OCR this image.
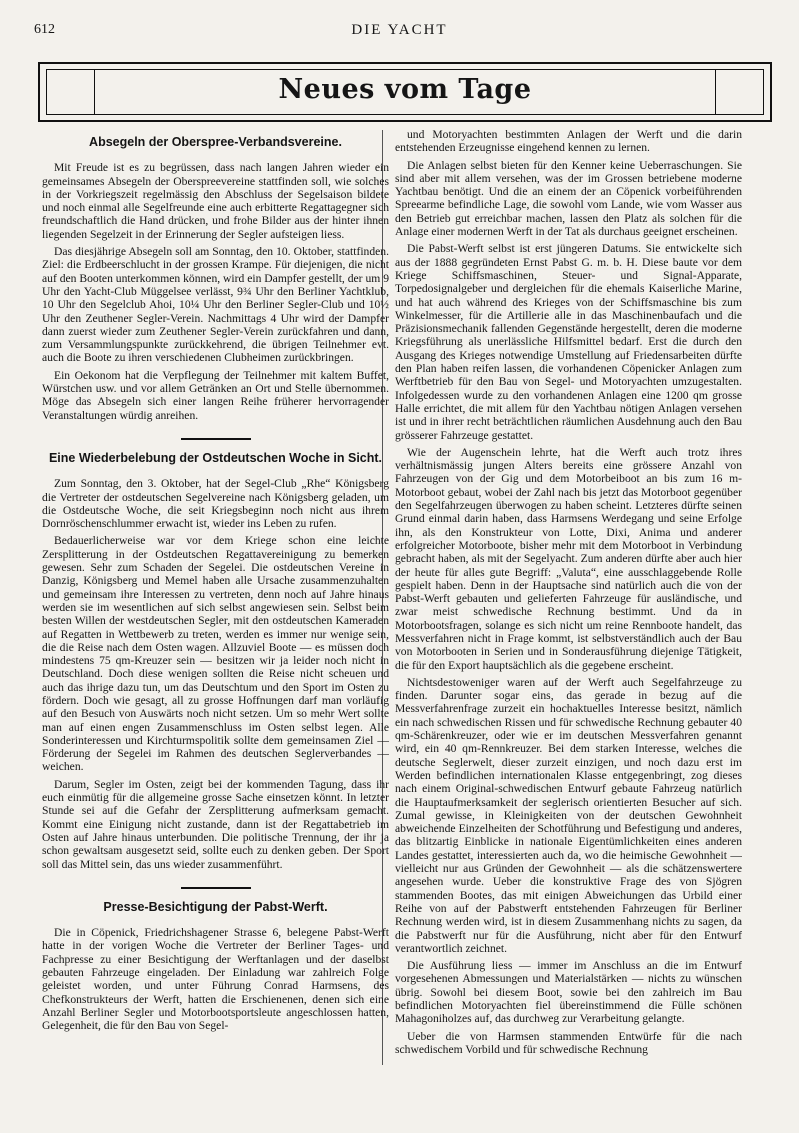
612	DIE YACHT
Neues vom Tage
Absegeln der Oberspree-Verbandsvereine.

Mit Freude ist es zu begrüssen, dass nach langen Jahren wieder ein gemeinsames Absegeln der Oberspreevereine stattfinden soll, wie solches in der Vorkriegszeit regelmässig den Abschluss der Segelsaison bildete und noch einmal alle Segelfreunde eine auch erbitterte Regattagegner sich freundschaftlich die Hand drücken, und frohe Bilder aus der hinter ihnen liegenden Segelzeit in der Erinnerung der Segler aufsteigen liess.

Das diesjährige Absegeln soll am Sonntag, den 10. Oktober, stattfinden. Ziel: die Erdbeerschlucht in der grossen Krampe. Für diejenigen, die nicht auf den Booten unterkommen können, wird ein Dampfer gestellt, der um 9 Uhr den Yacht-Club Müggelsee verlässt, 9¾ Uhr den Berliner Yachtklub, 10 Uhr den Segelclub Ahoi, 10¼ Uhr den Berliner Segler-Club und 10½ Uhr den Zeuthener Segler-Verein. Nachmittags 4 Uhr wird der Dampfer dann zuerst wieder zum Zeuthener Segler-Verein zurückfahren und dann, zum Versammlungspunkte zurückkehrend, die übrigen Teilnehmer evt. auch die Boote zu ihren verschiedenen Clubheimen zurückbringen.

Ein Oekonom hat die Verpflegung der Teilnehmer mit kaltem Buffet, Würstchen usw. und vor allem Getränken an Ort und Stelle übernommen. Möge das Absegeln sich einer langen Reihe früherer hervorragender Veranstaltungen würdig anreihen.

Eine Wiederbelebung der Ostdeutschen Woche in Sicht.

Zum Sonntag, den 3. Oktober, hat der Segel-Club „Rhe“ Königsberg die Vertreter der ostdeutschen Segelvereine nach Königsberg geladen, um die Ostdeutsche Woche, die seit Kriegsbeginn noch nicht aus ihrem Dornröschenschlummer erwacht ist, wieder ins Leben zu rufen.

Bedauerlicherweise war vor dem Kriege schon eine leichte Zersplitterung in der Ostdeutschen Regattavereinigung zu bemerken gewesen. Sehr zum Schaden der Segelei. Die ostdeutschen Vereine in Danzig, Königsberg und Memel haben alle Ursache zusammenzuhalten und gemeinsam ihre Interessen zu vertreten, denn noch auf Jahre hinaus werden sie im wesentlichen auf sich selbst angewiesen sein. Selbst beim besten Willen der westdeutschen Segler, mit den ostdeutschen Kameraden auf Regatten in Wettbewerb zu treten, werden es immer nur wenige sein, die die Reise nach dem Osten wagen. Allzuviel Boote — es müssen doch mindestens 75 qm-Kreuzer sein — besitzen wir ja leider noch nicht in Deutschland. Doch diese wenigen sollten die Reise nicht scheuen und auch das ihrige dazu tun, um das Deutschtum und den Sport im Osten zu fördern. Doch wie gesagt, all zu grosse Hoffnungen darf man vorläufig auf den Besuch von Auswärts noch nicht setzen. Um so mehr Wert sollte man auf einen engen Zusammenschluss im Osten selbst legen. Alle Sonderinteressen und Kirchturmspolitik sollte dem gemeinsamen Ziel — Förderung der Segelei im Rahmen des deutschen Seglerverbandes — weichen.

Darum, Segler im Osten, zeigt bei der kommenden Tagung, dass ihr euch einmütig für die allgemeine grosse Sache einsetzen könnt. In letzter Stunde sei auf die Gefahr der Zersplitterung aufmerksam gemacht. Kommt eine Einigung nicht zustande, dann ist der Regattabetrieb im Osten auf Jahre hinaus unterbunden. Die politische Trennung, der ihr ja schon gewaltsam ausgesetzt seid, sollte euch zu denken geben. Der Sport soll das Mittel sein, das uns wieder zusammenführt.

Presse-Besichtigung der Pabst-Werft.

Die in Cöpenick, Friedrichshagener Strasse 6, belegene Pabst-Werft hatte in der vorigen Woche die Vertreter der Berliner Tages- und Fachpresse zu einer Besichtigung der Werftanlagen und der daselbst gebauten Fahrzeuge eingeladen. Der Einladung war zahlreich Folge geleistet worden, und unter Führung Conrad Harmsens, des Chefkonstrukteurs der Werft, hatten die Erschienenen, denen sich eine Anzahl Berliner Segler und Motorbootsportsleute angeschlossen hatten, Gelegenheit, die für den Bau von Segel-

und Motoryachten bestimmten Anlagen der Werft und die darin entstehenden Erzeugnisse eingehend kennen zu lernen.

Die Anlagen selbst bieten für den Kenner keine Ueberraschungen. Sie sind aber mit allem versehen, was der im Grossen betriebene moderne Yachtbau benötigt. Und die an einem der an Cöpenick vorbeiführenden Spreearme befindliche Lage, die sowohl vom Lande, wie vom Wasser aus den Betrieb gut erreichbar machen, lassen den Platz als solchen für die Anlage einer modernen Werft in der Tat als durchaus geeignet erscheinen.

Die Pabst-Werft selbst ist erst jüngeren Datums. Sie entwickelte sich aus der 1888 gegründeten Ernst Pabst G. m. b. H. Diese baute vor dem Kriege Schiffsmaschinen, Steuer- und Signal-Apparate, Torpedosignalgeber und dergleichen für die ehemals Kaiserliche Marine, und hat auch während des Krieges von der Schiffsmaschine bis zum Winkelmesser, für die Artillerie alle in das Maschinenbaufach und die Präzisionsmechanik fallenden Gegenstände hergestellt, deren die moderne Kriegsführung als unerlässliche Hilfsmittel bedarf. Erst die durch den Ausgang des Krieges notwendige Umstellung auf Friedensarbeiten dürfte den Plan haben reifen lassen, die vorhandenen Cöpenicker Anlagen zum Werftbetrieb für den Bau von Segel- und Motoryachten umzugestalten. Infolgedessen wurde zu den vorhandenen Anlagen eine 1200 qm grosse Halle errichtet, die mit allem für den Yachtbau nötigen Anlagen versehen ist und in ihrer recht beträchtlichen räumlichen Ausdehnung auch den Bau grösserer Fahrzeuge gestattet.

Wie der Augenschein lehrte, hat die Werft auch trotz ihres verhältnismässig jungen Alters bereits eine grössere Anzahl von Fahrzeugen von der Gig und dem Motorbeiboot an bis zum 16 m-Motorboot gebaut, wobei der Zahl nach bis jetzt das Motorboot gegenüber den Segelfahrzeugen überwogen zu haben scheint. Letzteres dürfte seinen Grund einmal darin haben, dass Harmsens Werdegang und seine Erfolge ihn, als den Konstrukteur von Lotte, Dixi, Anima und anderer erfolgreicher Motorboote, bisher mehr mit dem Motorboot in Verbindung gebracht haben, als mit der Segelyacht. Zum anderen dürfte aber auch hier der heute für alles gute Begriff: „Valuta“, eine ausschlaggebende Rolle gespielt haben. Denn in der Hauptsache sind natürlich auch die von der Pabst-Werft gebauten und gelieferten Fahrzeuge für ausländische, und zwar meist schwedische Rechnung bestimmt. Und da in Motorbootsfragen, solange es sich nicht um reine Rennboote handelt, das Messverfahren nicht in Frage kommt, ist selbstverständlich auch der Bau von Motorbooten in Serien und in Sonderausführung diejenige Tätigkeit, die für den Export hauptsächlich als die gegebene erscheint.

Nichtsdestoweniger waren auf der Werft auch Segelfahrzeuge zu finden. Darunter sogar eins, das gerade in bezug auf die Messverfahrenfrage zurzeit ein hochaktuelles Interesse besitzt, nämlich ein nach schwedischen Rissen und für schwedische Rechnung gebauter 40 qm-Schärenkreuzer, oder wie er im deutschen Messverfahren genannt wird, ein 40 qm-Rennkreuzer. Bei dem starken Interesse, welches die deutsche Seglerwelt, dieser zurzeit einzigen, und noch dazu erst im Werden befindlichen internationalen Klasse entgegenbringt, zog dieses nach einem Original-schwedischen Entwurf gebaute Fahrzeug natürlich die Hauptaufmerksamkeit der seglerisch orientierten Besucher auf sich. Zumal gewisse, in Kleinigkeiten von der deutschen Gewohnheit abweichende Einzelheiten der Schotführung und Befestigung und anderes, das blitzartig Einblicke in nationale Eigentümlichkeiten eines anderen Landes gestattet, interessierten auch da, wo die heimische Gewohnheit — vielleicht nur aus Gründen der Gewohnheit — als die schätzenswertere angesehen wurde. Ueber die konstruktive Frage des von Sjögren stammenden Bootes, das mit einigen Abweichungen das Urbild einer Reihe von auf der Pabstwerft entstehenden Fahrzeugen für Berliner Rechnung werden wird, ist in diesem Zusammenhang nichts zu sagen, da die Pabstwerft nur für die Ausführung, nicht aber für den Entwurf verantwortlich zeichnet.

Die Ausführung liess — immer im Anschluss an die im Entwurf vorgesehenen Abmessungen und Materialstärken — nichts zu wünschen übrig. Sowohl bei diesem Boot, sowie bei den zahlreich im Bau befindlichen Motoryachten fiel übereinstimmend die Fülle schönen Mahagoniholzes auf, das durchweg zur Verarbeitung gelangte.

Ueber die von Harmsen stammenden Entwürfe für die nach schwedischem Vorbild und für schwedische Rechnung
